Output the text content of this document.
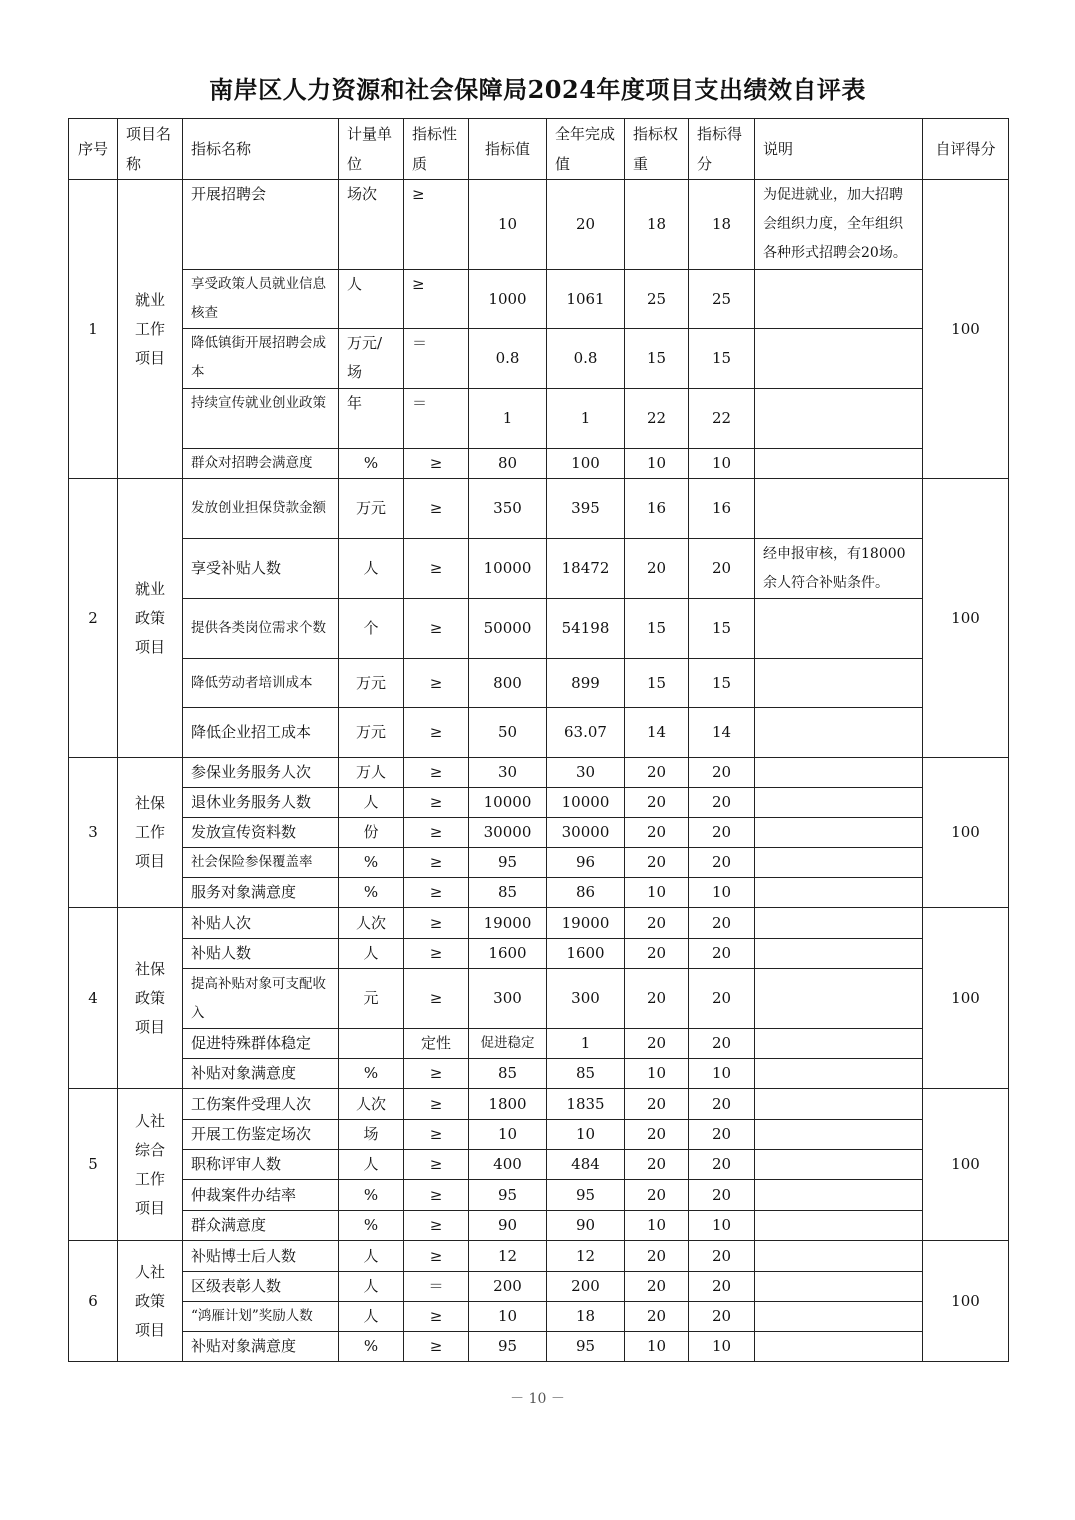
南岸区人力资源和社会保障局2024年度项目支出绩效自评表
序号	项目名称	指标名称	计量单位	指标性质	指标值	全年完成值	指标权重	指标得分	说明	自评得分
1	就业工作项目	开展招聘会	场次	≥	10	20	18	18	为促进就业，加大招聘会组织力度，全年组织各种形式招聘会20场。	100
		享受政策人员就业信息核查	人	≥	1000	1061	25	25		
		降低镇街开展招聘会成本	万元/场	＝	0.8	0.8	15	15		
		持续宣传就业创业政策	年	＝	1	1	22	22		
		群众对招聘会满意度	%	≥	80	100	10	10		
2	就业政策项目	发放创业担保贷款金额	万元	≥	350	395	16	16		100
		享受补贴人数	人	≥	10000	18472	20	20	经申报审核，有18000余人符合补贴条件。	
		提供各类岗位需求个数	个	≥	50000	54198	15	15		
		降低劳动者培训成本	万元	≥	800	899	15	15		
		降低企业招工成本	万元	≥	50	63.07	14	14		
3	社保工作项目	参保业务服务人次	万人	≥	30	30	20	20		100
		退休业务服务人数	人	≥	10000	10000	20	20		
		发放宣传资料数	份	≥	30000	30000	20	20		
		社会保险参保覆盖率	%	≥	95	96	20	20		
		服务对象满意度	%	≥	85	86	10	10		
4	社保政策项目	补贴人次	人次	≥	19000	19000	20	20		100
		补贴人数	人	≥	1600	1600	20	20		
		提高补贴对象可支配收入	元	≥	300	300	20	20		
		促进特殊群体稳定		定性	促进稳定	1	20	20		
		补贴对象满意度	%	≥	85	85	10	10		
5	人社综合工作项目	工伤案件受理人次	人次	≥	1800	1835	20	20		100
		开展工伤鉴定场次	场	≥	10	10	20	20		
		职称评审人数	人	≥	400	484	20	20		
		仲裁案件办结率	%	≥	95	95	20	20		
		群众满意度	%	≥	90	90	10	10		
6	人社政策项目	补贴博士后人数	人	≥	12	12	20	20		100
		区级表彰人数	人	＝	200	200	20	20		
		“鸿雁计划”奖励人数	人	≥	10	18	20	20		
		补贴对象满意度	%	≥	95	95	10	10		
－ 10 －
